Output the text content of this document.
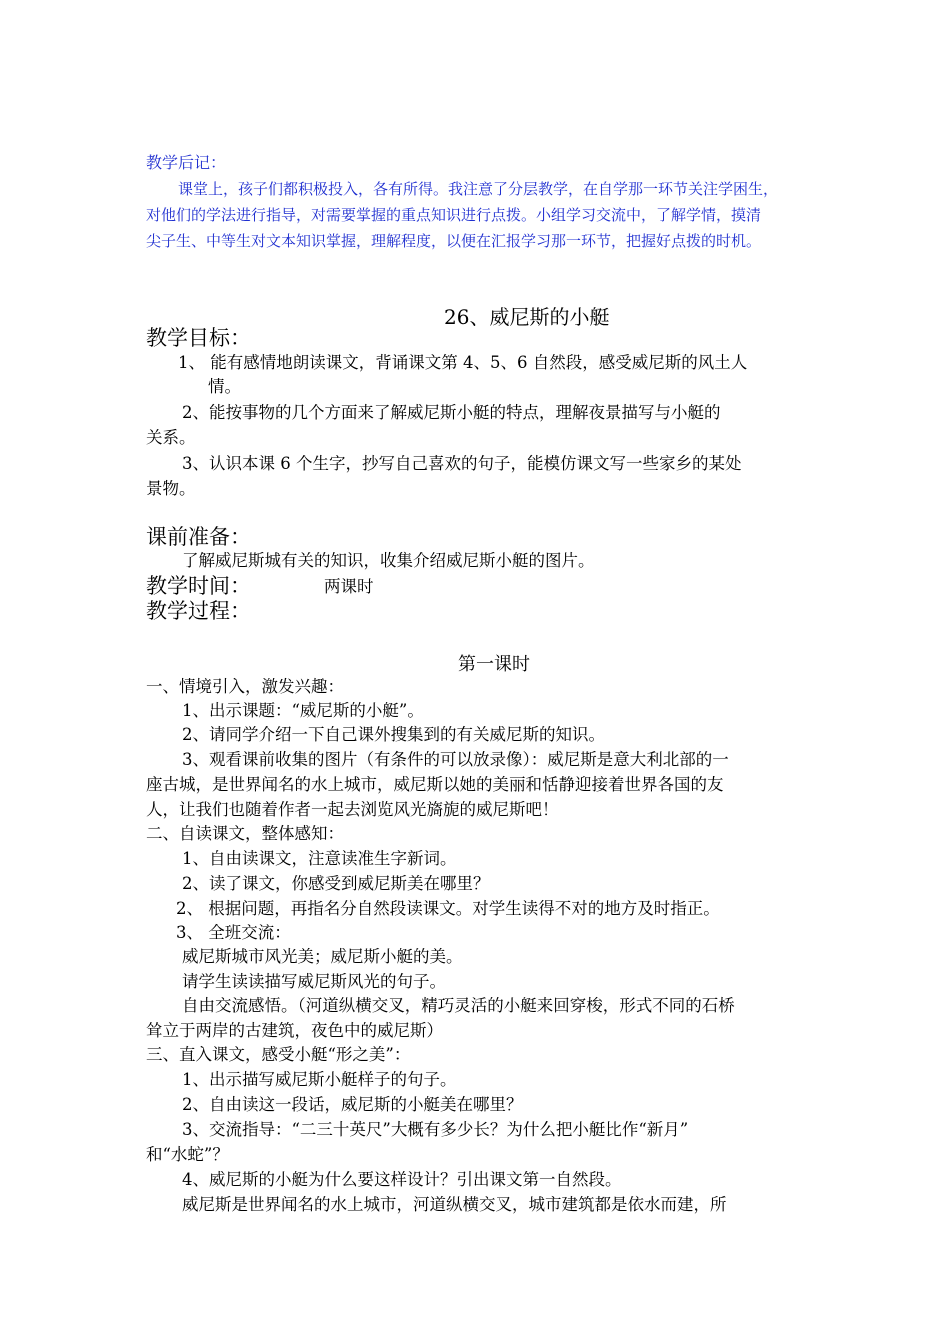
教学后记：
课堂上，孩子们都积极投入，各有所得。我注意了分层教学，在自学那一环节关注学困生，
对他们的学法进行指导，对需要掌握的重点知识进行点拨。小组学习交流中，了解学情，摸清
尖子生、中等生对文本知识掌握，理解程度，以便在汇报学习那一环节，把握好点拨的时机。
26、威尼斯的小艇
教学目标：
1、 能有感情地朗读课文，背诵课文第 4、5、6 自然段，感受威尼斯的风土人
情。
2、能按事物的几个方面来了解威尼斯小艇的特点，理解夜景描写与小艇的
关系。
3、认识本课 6 个生字，抄写自己喜欢的句子，能模仿课文写一些家乡的某处
景物。
课前准备：
了解威尼斯城有关的知识，收集介绍威尼斯小艇的图片。
教学时间：	两课时
教学过程：
第一课时
一、情境引入，激发兴趣：
1、出示课题：“威尼斯的小艇”。
2、请同学介绍一下自己课外搜集到的有关威尼斯的知识。
3、观看课前收集的图片（有条件的可以放录像）：威尼斯是意大利北部的一
座古城，是世界闻名的水上城市，威尼斯以她的美丽和恬静迎接着世界各国的友
人，让我们也随着作者一起去浏览风光旖旎的威尼斯吧！
二、自读课文，整体感知：
1、自由读课文，注意读准生字新词。
2、读了课文，你感受到威尼斯美在哪里？
2、 根据问题，再指名分自然段读课文。对学生读得不对的地方及时指正。
3、 全班交流：
威尼斯城市风光美；威尼斯小艇的美。
请学生读读描写威尼斯风光的句子。
自由交流感悟。（河道纵横交叉，精巧灵活的小艇来回穿梭，形式不同的石桥
耸立于两岸的古建筑，夜色中的威尼斯）
三、直入课文，感受小艇“形之美”：
1、出示描写威尼斯小艇样子的句子。
2、自由读这一段话，威尼斯的小艇美在哪里？
3、交流指导：“二三十英尺”大概有多少长？为什么把小艇比作“新月”
和“水蛇”？
4、威尼斯的小艇为什么要这样设计？引出课文第一自然段。
威尼斯是世界闻名的水上城市，河道纵横交叉，城市建筑都是依水而建，所
